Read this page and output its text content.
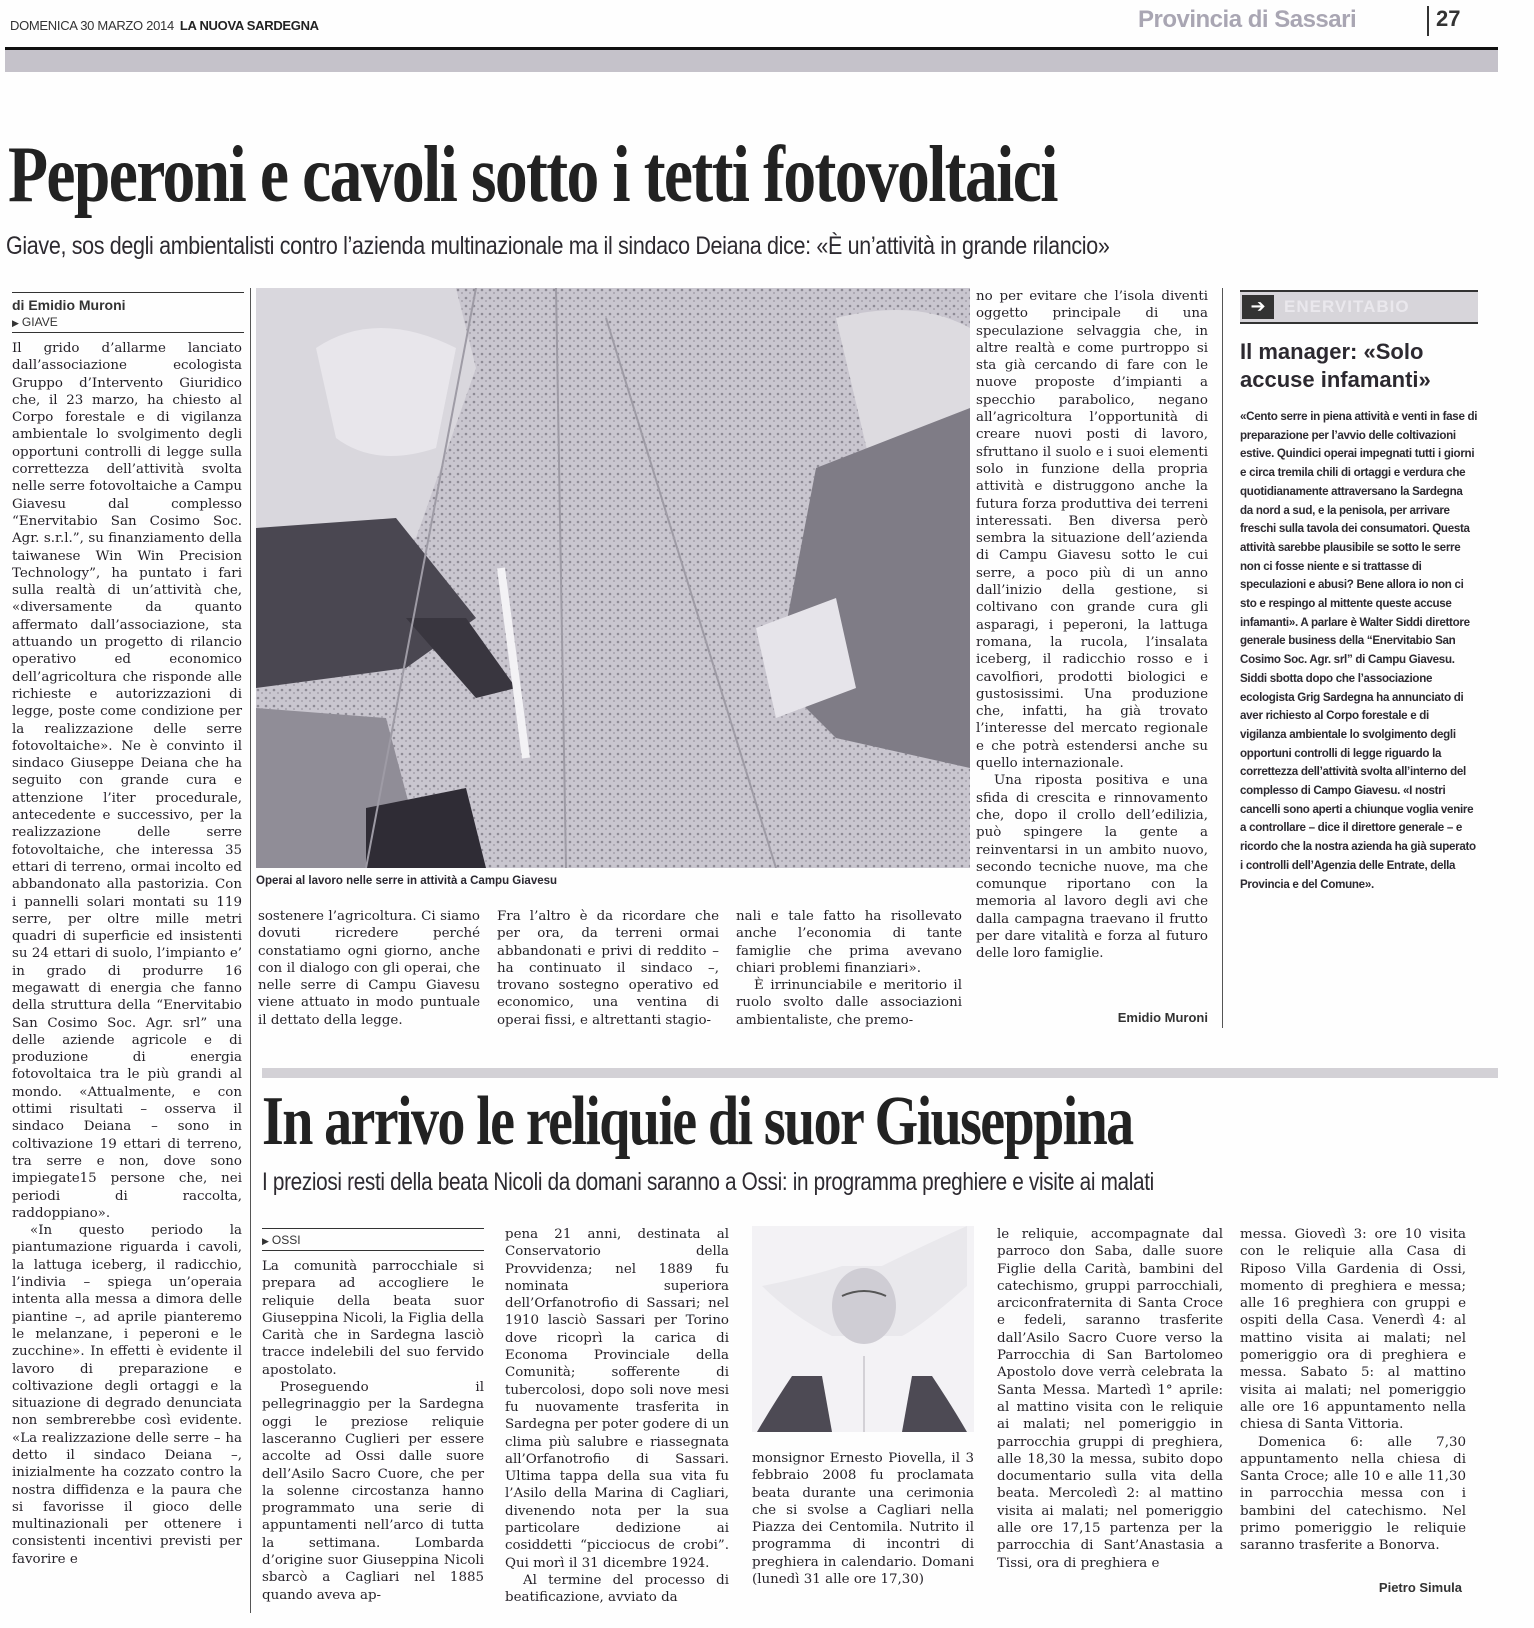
DOMENICA 30 MARZO 2014 LA NUOVA SARDEGNA	Provincia di Sassari	27
Peperoni e cavoli sotto i tetti fotovoltaici
Giave, sos degli ambientalisti contro l’azienda multinazionale ma il sindaco Deiana dice: «È un’attività in grande rilancio»
di Emidio Muroni
▶ GIAVE

Il grido d’allarme lanciato dall’associazione ecologista Gruppo d’Intervento Giuridico che, il 23 marzo, ha chiesto al Corpo forestale e di vigilanza ambientale lo svolgimento degli opportuni controlli di legge sulla correttezza dell’attività svolta nelle serre fotovoltaiche a Campu Giavesu dal complesso “Enervitabio San Cosimo Soc. Agr. s.r.l.”, su finanziamento della taiwanese Win Win Precision Technology”, ha puntato i fari sulla realtà di un’attività che, «diversamente da quanto affermato dall’associazione, sta attuando un progetto di rilancio operativo ed economico dell’agricoltura che risponde alle richieste e autorizzazioni di legge, poste come condizione per la realizzazione delle serre fotovoltaiche». Ne è convinto il sindaco Giuseppe Deiana che ha seguito con grande cura e attenzione l’iter procedurale, antecedente e successivo, per la realizzazione delle serre fotovoltaiche, che interessa 35 ettari di terreno, ormai incolto ed abbandonato alla pastorizia. Con i pannelli solari montati su 119 serre, per oltre mille metri quadri di superficie ed insistenti su 24 ettari di suolo, l’impianto e’ in grado di produrre 16 megawatt di energia che fanno della struttura della “Enervitabio San Cosimo Soc. Agr. srl” una delle aziende agricole e di produzione di energia fotovoltaica tra le più grandi al mondo. «Attualmente, e con ottimi risultati – osserva il sindaco Deiana – sono in coltivazione 19 ettari di terreno, tra serre e non, dove sono impiegate15 persone che, nei periodi di raccolta, raddoppiano».

«In questo periodo la piantumazione riguarda i cavoli, la lattuga iceberg, il radicchio, l’indivia – spiega un’operaia intenta alla messa a dimora delle piantine –, ad aprile pianteremo le melanzane, i peperoni e le zucchine». In effetti è evidente il lavoro di preparazione e coltivazione degli ortaggi e la situazione di degrado denunciata non sembrerebbe così evidente. «La realizzazione delle serre – ha detto il sindaco Deiana –, inizialmente ha cozzato contro la nostra diffidenza e la paura che si favorisse il gioco delle multinazionali per ottenere i consistenti incentivi previsti per favorire e

Operai al lavoro nelle serre in attività a Campu Giavesu

sostenere l’agricoltura. Ci siamo dovuti ricredere perché constatiamo ogni giorno, anche con il dialogo con gli operai, che nelle serre di Campu Giavesu viene attuato in modo puntuale il dettato della legge.

Fra l’altro è da ricordare che per ora, da terreni ormai abbandonati e privi di reddito – ha continuato il sindaco –, trovano sostegno operativo ed economico, una ventina di operai fissi, e altrettanti stagio-

nali e tale fatto ha risollevato anche l’economia di tante famiglie che prima avevano chiari problemi finanziari».

È irrinunciabile e meritorio il ruolo svolto dalle associazioni ambientaliste, che premo-

no per evitare che l’isola diventi oggetto principale di una speculazione selvaggia che, in altre realtà e come purtroppo si sta già cercando di fare con le nuove proposte d’impianti a specchio parabolico, negano all’agricoltura l’opportunità di creare nuovi posti di lavoro, sfruttano il suolo e i suoi elementi solo in funzione della propria attività e distruggono anche la futura forza produttiva dei terreni interessati. Ben diversa però sembra la situazione dell’azienda di Campu Giavesu sotto le cui serre, a poco più di un anno dall’inizio della gestione, si coltivano con grande cura gli asparagi, i peperoni, la lattuga romana, la rucola, l’insalata iceberg, il radicchio rosso e i cavolfiori, prodotti biologici e gustosissimi. Una produzione che, infatti, ha già trovato l’interesse del mercato regionale e che potrà estendersi anche su quello internazionale.

Una riposta positiva e una sfida di crescita e rinnovamento che, dopo il crollo dell’edilizia, può spingere la gente a reinventarsi in un ambito nuovo, secondo tecniche nuove, ma che comunque riportano con la memoria al lavoro degli avi che dalla campagna traevano il frutto per dare vitalità e forza al futuro delle loro famiglie.

Emidio Muroni
➔	ENERVITABIO
Il manager: «Solo accuse infamanti»
«Cento serre in piena attività e venti in fase di preparazione per l’avvio delle coltivazioni estive. Quindici operai impegnati tutti i giorni e circa tremila chili di ortaggi e verdura che quotidianamente attraversano la Sardegna da nord a sud, e la penisola, per arrivare freschi sulla tavola dei consumatori. Questa attività sarebbe plausibile se sotto le serre non ci fosse niente e si trattasse di speculazioni e abusi? Bene allora io non ci sto e respingo al mittente queste accuse infamanti». A parlare è Walter Siddi direttore generale business della “Enervitabio San Cosimo Soc. Agr. srl” di Campu Giavesu. Siddi sbotta dopo che l’associazione ecologista Grig Sardegna ha annunciato di aver richiesto al Corpo forestale e di vigilanza ambientale lo svolgimento degli opportuni controlli di legge riguardo la correttezza dell’attività svolta all’interno del complesso di Campo Giavesu. «I nostri cancelli sono aperti a chiunque voglia venire a controllare – dice il direttore generale – e ricordo che la nostra azienda ha già superato i controlli dell’Agenzia delle Entrate, della Provincia e del Comune».
In arrivo le reliquie di suor Giuseppina
I preziosi resti della beata Nicoli da domani saranno a Ossi: in programma preghiere e visite ai malati
▶ OSSI

La comunità parrocchiale si prepara ad accogliere le reliquie della beata suor Giuseppina Nicoli, la Figlia della Carità che in Sardegna lasciò tracce indelebili del suo fervido apostolato.

Proseguendo il pellegrinaggio per la Sardegna oggi le preziose reliquie lasceranno Cuglieri per essere accolte ad Ossi dalle suore dell’Asilo Sacro Cuore, che per la solenne circostanza hanno programmato una serie di appuntamenti nell’arco di tutta la settimana. Lombarda d’origine suor Giuseppina Nicoli sbarcò a Cagliari nel 1885 quando aveva ap-

pena 21 anni, destinata al Conservatorio della Provvidenza; nel 1889 fu nominata superiora dell’Orfanotrofio di Sassari; nel 1910 lasciò Sassari per Torino dove ricoprì la carica di Economa Provinciale della Comunità; sofferente di tubercolosi, dopo soli nove mesi fu nuovamente trasferita in Sardegna per poter godere di un clima più salubre e riassegnata all’Orfanotrofio di Sassari. Ultima tappa della sua vita fu l’Asilo della Marina di Cagliari, divenendo nota per la sua particolare dedizione ai cosiddetti “picciocus de crobi”. Qui morì il 31 dicembre 1924.

Al termine del processo di beatificazione, avviato da

monsignor Ernesto Piovella, il 3 febbraio 2008 fu proclamata beata durante una cerimonia che si svolse a Cagliari nella Piazza dei Centomila. Nutrito il programma di incontri di preghiera in calendario. Domani (lunedì 31 alle ore 17,30)

le reliquie, accompagnate dal parroco don Saba, dalle suore Figlie della Carità, bambini del catechismo, gruppi parrocchiali, arciconfraternita di Santa Croce e fedeli, saranno trasferite dall’Asilo Sacro Cuore verso la Parrocchia di San Bartolomeo Apostolo dove verrà celebrata la Santa Messa. Martedì 1° aprile: al mattino visita con le reliquie ai malati; nel pomeriggio in parrocchia gruppi di preghiera, alle 18,30 la messa, subito dopo documentario sulla vita della beata. Mercoledì 2: al mattino visita ai malati; nel pomeriggio alle ore 17,15 partenza per la parrocchia di Sant’Anastasia a Tissi, ora di preghiera e

messa. Giovedì 3: ore 10 visita con le reliquie alla Casa di Riposo Villa Gardenia di Ossi, momento di preghiera e messa; alle 16 preghiera con gruppi e ospiti della Casa. Venerdì 4: al mattino visita ai malati; nel pomeriggio ora di preghiera e messa. Sabato 5: al mattino visita ai malati; nel pomeriggio alle ore 16 appuntamento nella chiesa di Santa Vittoria.

Domenica 6: alle 7,30 appuntamento nella chiesa di Santa Croce; alle 10 e alle 11,30 in parrocchia messa con i bambini del catechismo. Nel primo pomeriggio le reliquie saranno trasferite a Bonorva.

Pietro Simula
